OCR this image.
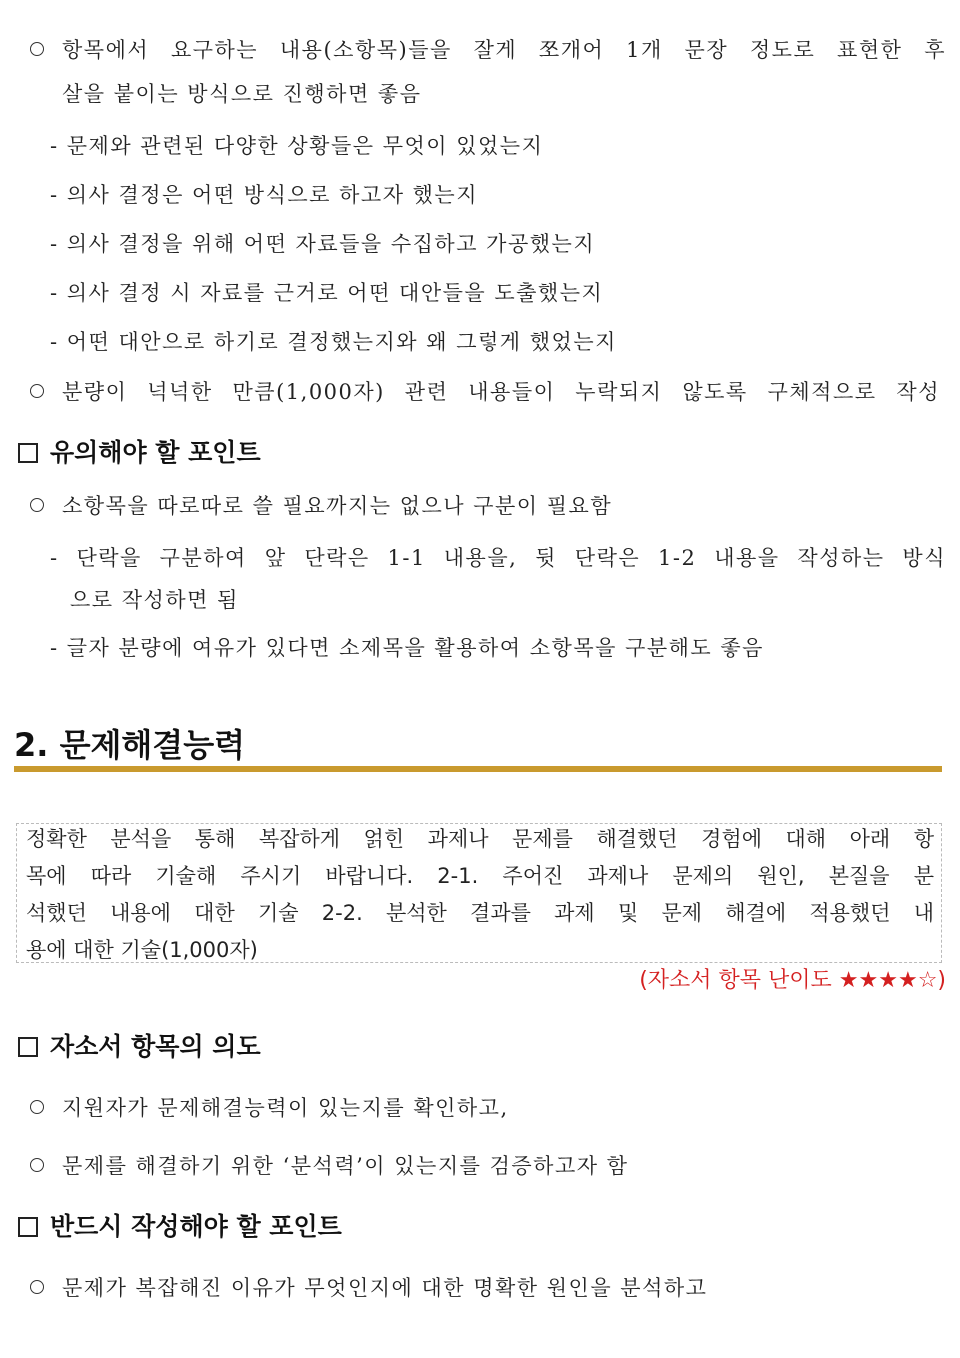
항목에서 요구하는 내용(소항목)들을 잘게 쪼개어 1개 문장 정도로 표현한 후
살을 붙이는 방식으로 진행하면 좋음
- 문제와 관련된 다양한 상황들은 무엇이 있었는지
- 의사 결정은 어떤 방식으로 하고자 했는지
- 의사 결정을 위해 어떤 자료들을 수집하고 가공했는지
- 의사 결정 시 자료를 근거로 어떤 대안들을 도출했는지
- 어떤 대안으로 하기로 결정했는지와 왜 그렇게 했었는지
분량이 넉넉한 만큼(1,000자) 관련 내용들이 누락되지 않도록 구체적으로 작성
유의해야 할 포인트
소항목을 따로따로 쓸 필요까지는 없으나 구분이 필요함
- 단락을 구분하여 앞 단락은 1-1 내용을, 뒷 단락은 1-2 내용을 작성하는 방식
으로 작성하면 됨
- 글자 분량에 여유가 있다면 소제목을 활용하여 소항목을 구분해도 좋음
2. 문제해결능력
정확한 분석을 통해 복잡하게 얽힌 과제나 문제를 해결했던 경험에 대해 아래 항
목에 따라 기술해 주시기 바랍니다. 2-1. 주어진 과제나 문제의 원인, 본질을 분
석했던 내용에 대한 기술 2-2. 분석한 결과를 과제 및 문제 해결에 적용했던 내
용에 대한 기술(1,000자)
(자소서 항목 난이도 ★★★★☆)
자소서 항목의 의도
지원자가 문제해결능력이 있는지를 확인하고,
문제를 해결하기 위한 ‘분석력’이 있는지를 검증하고자 함
반드시 작성해야 할 포인트
문제가 복잡해진 이유가 무엇인지에 대한 명확한 원인을 분석하고
